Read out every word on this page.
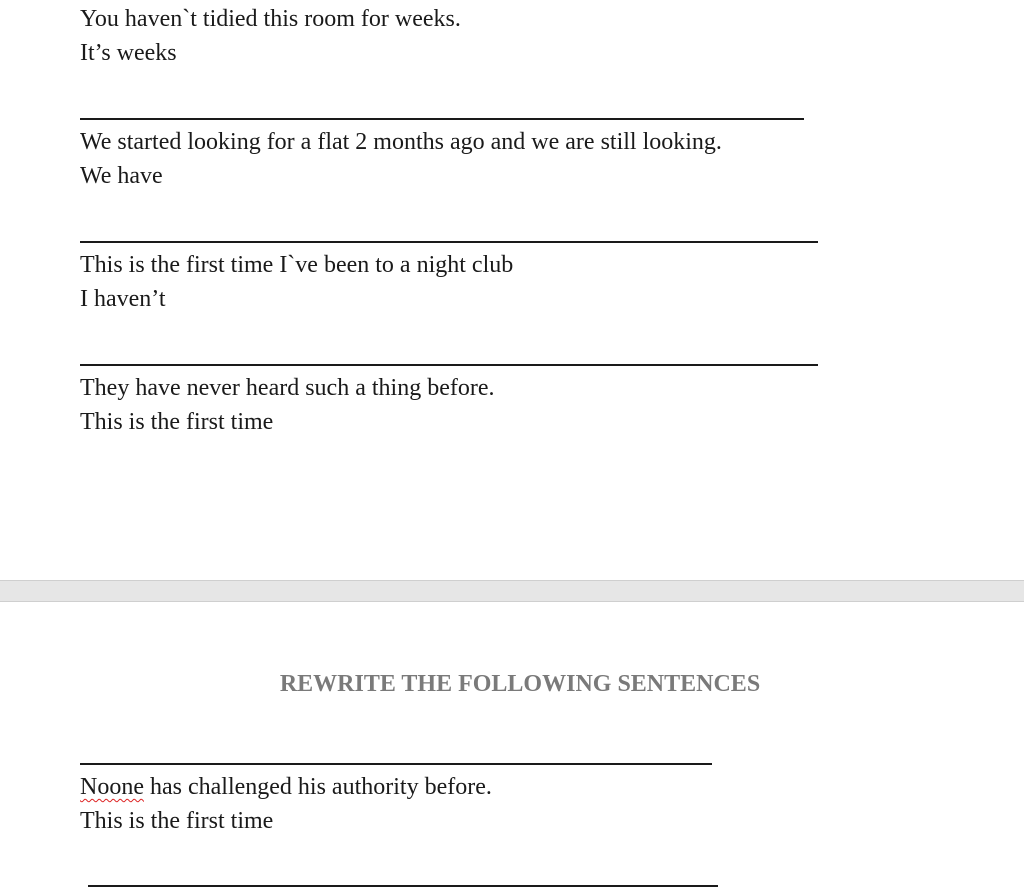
You haven`t tidied this room for weeks.
It’s weeks
We started looking for a flat 2 months ago and we are still looking.
We have
This is the first time I`ve been to a night club
I haven’t
They have never heard such a thing before.
This is the first time
REWRITE THE FOLLOWING SENTENCES
Noone has challenged his authority before.
This is the first time
